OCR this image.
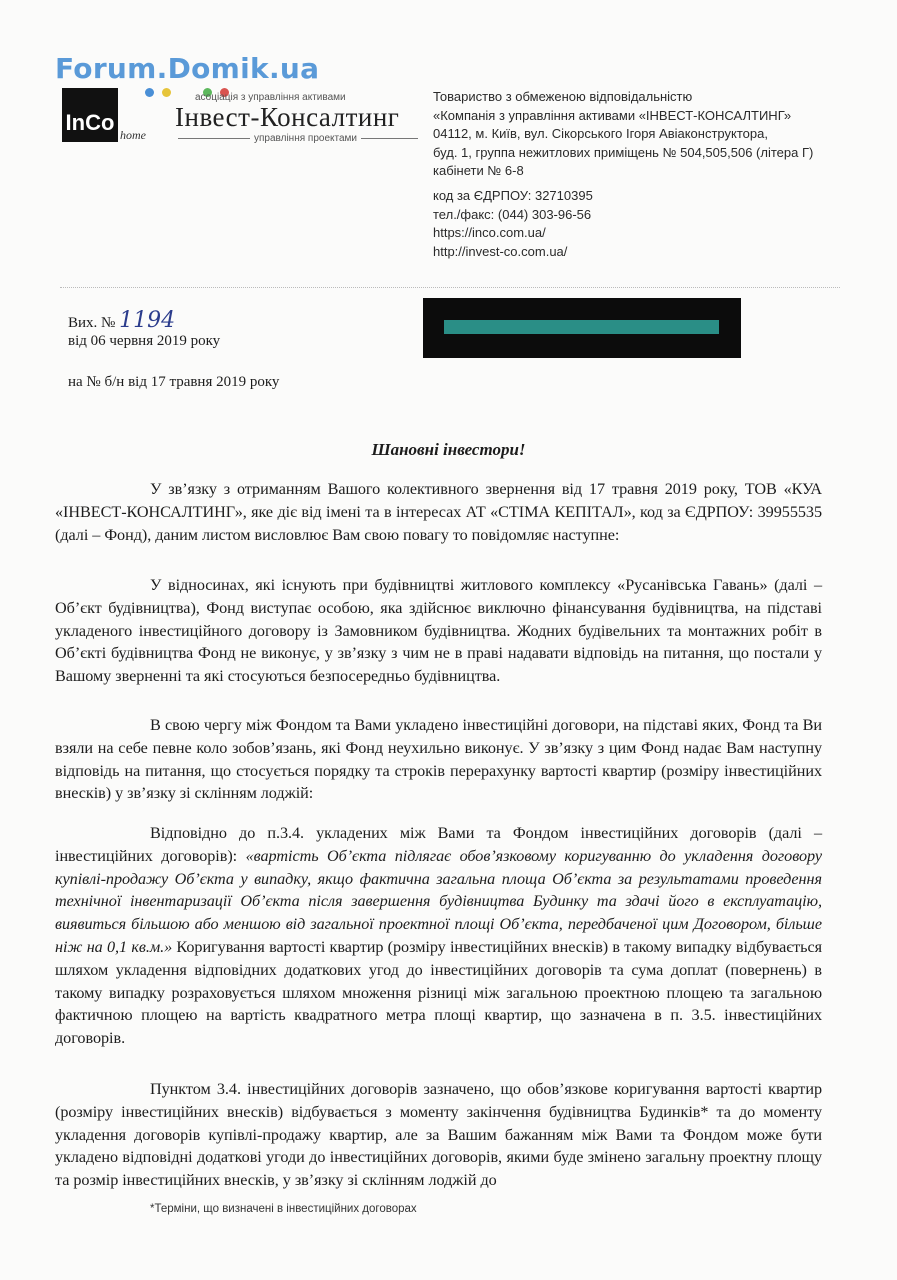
Forum.Domik.ua
InCo home
асоціація з управління активами
Інвест-Консалтинг
управління проектами
Товариство з обмеженою відповідальністю
«Компанія з управління активами «ІНВЕСТ-КОНСАЛТИНГ»
04112, м. Київ, вул. Сікорського Ігоря Авіаконструктора,
буд. 1, группа нежитлових приміщень № 504,505,506 (літера Г)
кабінети № 6-8
код за ЄДРПОУ: 32710395
тел./факс: (044) 303-96-56
https://inco.com.ua/
http://invest-co.com.ua/
Вих. № 1194
від 06 червня 2019 року
на № б/н від 17 травня 2019 року
Шановні інвестори!

У зв’язку з отриманням Вашого колективного звернення від 17 травня 2019 року, ТОВ «КУА «ІНВЕСТ-КОНСАЛТИНГ», яке діє від імені та в інтересах АТ «СТІМА КЕПІТАЛ», код за ЄДРПОУ: 39955535 (далі – Фонд), даним листом висловлює Вам свою повагу то повідомляє наступне:

У відносинах, які існують при будівництві житлового комплексу «Русанівська Гавань» (далі – Об’єкт будівництва), Фонд виступає особою, яка здійснює виключно фінансування будівництва, на підставі укладеного інвестиційного договору із Замовником будівництва. Жодних будівельних та монтажних робіт в Об’єкті будівництва Фонд не виконує, у зв’язку з чим не в праві надавати відповідь на питання, що постали у Вашому зверненні та які стосуються безпосередньо будівництва.

В свою чергу між Фондом та Вами укладено інвестиційні договори, на підставі яких, Фонд та Ви взяли на себе певне коло зобов’язань, які Фонд неухильно виконує. У зв’язку з цим Фонд надає Вам наступну відповідь на питання, що стосується порядку та строків перерахунку вартості квартир (розміру інвестиційних внесків) у зв’язку зі склінням лоджій:

Відповідно до п.3.4. укладених між Вами та Фондом інвестиційних договорів (далі – інвестиційних договорів): «вартість Об’єкта підлягає обов’язковому коригуванню до укладення договору купівлі-продажу Об’єкта у випадку, якщо фактична загальна площа Об’єкта за результатами проведення технічної інвентаризації Об’єкта після завершення будівництва Будинку та здачі його в експлуатацію, виявиться більшою або меншою від загальної проектної площі Об’єкта, передбаченої цим Договором, більше ніж на 0,1 кв.м.» Коригування вартості квартир (розміру інвестиційних внесків) в такому випадку відбувається шляхом укладення відповідних додаткових угод до інвестиційних договорів та сума доплат (повернень) в такому випадку розраховується шляхом множення різниці між загальною проектною площею та загальною фактичною площею на вартість квадратного метра площі квартир, що зазначена в п. 3.5. інвестиційних договорів.

Пунктом 3.4. інвестиційних договорів зазначено, що обов’язкове коригування вартості квартир (розміру інвестиційних внесків) відбувається з моменту закінчення будівництва Будинків* та до моменту укладення договорів купівлі-продажу квартир, але за Вашим бажанням між Вами та Фондом може бути укладено відповідні додаткові угоди до інвестиційних договорів, якими буде змінено загальну проектну площу та розмір інвестиційних внесків, у зв’язку зі склінням лоджій до

*Терміни, що визначені в інвестиційних договорах
